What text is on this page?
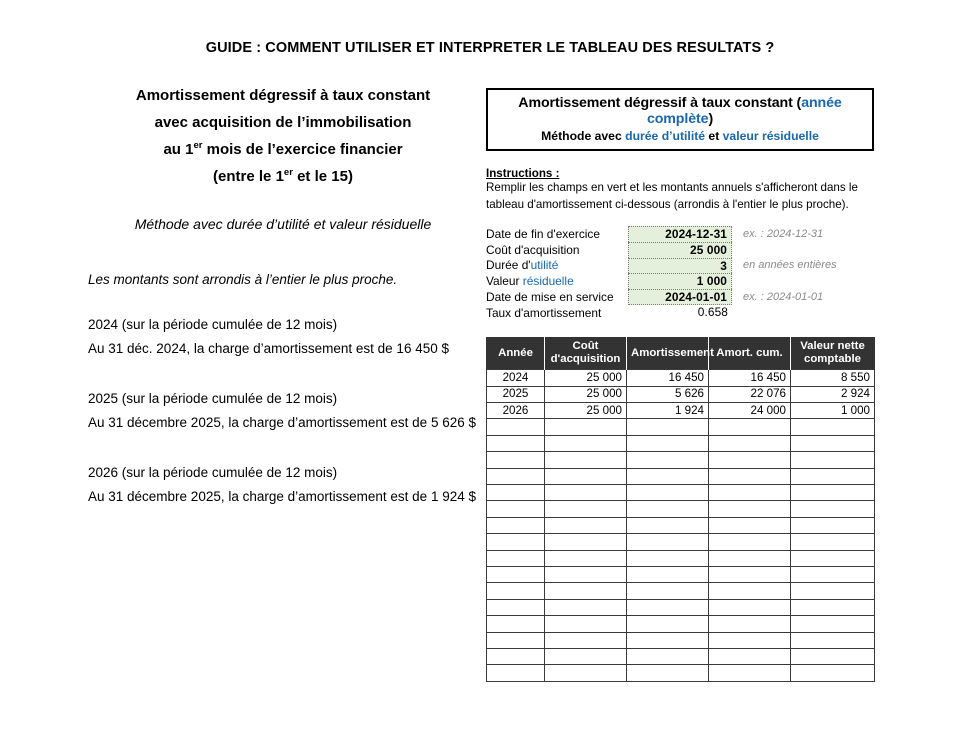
GUIDE : COMMENT UTILISER ET INTERPRETER LE TABLEAU DES RESULTATS ?
Amortissement dégressif à taux constant
avec acquisition de l’immobilisation
au 1er mois de l’exercice financier
(entre le 1er et le 15)
Méthode avec durée d’utilité et valeur résiduelle
Les montants sont arrondis à l’entier le plus proche.
2024 (sur la période cumulée de 12 mois)
Au 31 déc. 2024, la charge d’amortissement est de 16 450 $
2025 (sur la période cumulée de 12 mois)
Au 31 décembre 2025, la charge d’amortissement est de 5 626 $
2026 (sur la période cumulée de 12 mois)
Au 31 décembre 2025, la charge d’amortissement est de 1 924 $
Amortissement dégressif à taux constant (année complète)
Méthode avec durée d’utilité et valeur résiduelle
Instructions :
Remplir les champs en vert et les montants annuels s'afficheront dans le
tableau d'amortissement ci-dessous (arrondis à l'entier le plus proche).
Date de fin d'exercice	2024-12-31	ex. : 2024-12-31
Coût d'acquisition	25 000
Durée d'utilité	3	en années entières
Valeur résiduelle	1 000
Date de mise en service	2024-01-01	ex. : 2024-01-01
Taux d'amortissement	0.658
Année	Coût d'acquisition	Amortissement	Amort. cum.	Valeur nette comptable
2024	25 000	16 450	16 450	8 550
2025	25 000	5 626	22 076	2 924
2026	25 000	1 924	24 000	1 000
